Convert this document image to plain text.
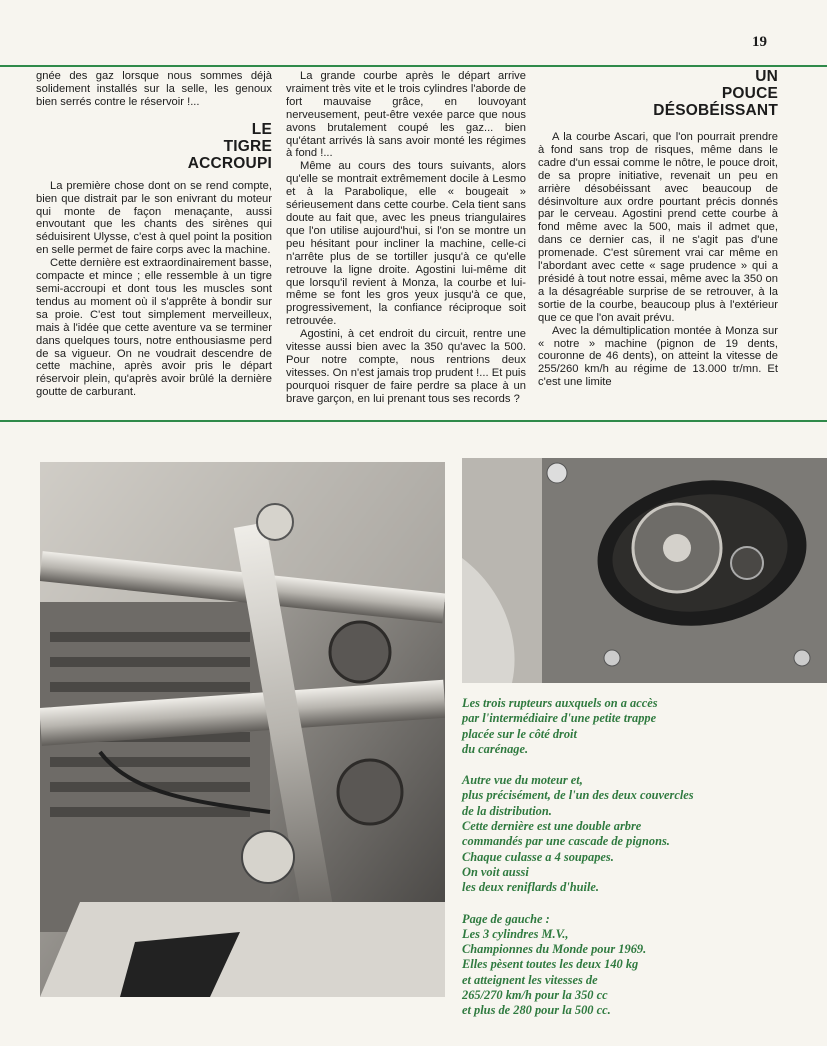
19

gnée des gaz lorsque nous sommes déjà solidement installés sur la selle, les genoux bien serrés contre le réservoir !...

LE
TIGRE
ACCROUPI

La première chose dont on se rend compte, bien que distrait par le son enivrant du moteur qui monte de façon menaçante, aussi envoutant que les chants des sirènes qui séduisirent Ulysse, c'est à quel point la position en selle permet de faire corps avec la machine.

Cette dernière est extraordinairement basse, compacte et mince ; elle ressemble à un tigre semi-accroupi et dont tous les muscles sont tendus au moment où il s'apprête à bondir sur sa proie. C'est tout simplement merveilleux, mais à l'idée que cette aventure va se terminer dans quelques tours, notre enthousiasme perd de sa vigueur. On ne voudrait descendre de cette machine, après avoir pris le départ réservoir plein, qu'après avoir brûlé la dernière goutte de carburant.

La grande courbe après le départ arrive vraiment très vite et le trois cylindres l'aborde de fort mauvaise grâce, en louvoyant nerveusement, peut-être vexée parce que nous avons brutalement coupé les gaz... bien qu'étant arrivés là sans avoir monté les régimes à fond !...

Même au cours des tours suivants, alors qu'elle se montrait extrêmement docile à Lesmo et à la Parabolique, elle « bougeait » sérieusement dans cette courbe. Cela tient sans doute au fait que, avec les pneus triangulaires que l'on utilise aujourd'hui, si l'on se montre un peu hésitant pour incliner la machine, celle-ci n'arrête plus de se tortiller jusqu'à ce qu'elle retrouve la ligne droite. Agostini lui-même dit que lorsqu'il revient à Monza, la courbe et lui-même se font les gros yeux jusqu'à ce que, progressivement, la confiance réciproque soit retrouvée.

Agostini, à cet endroit du circuit, rentre une vitesse aussi bien avec la 350 qu'avec la 500. Pour notre compte, nous rentrions deux vitesses. On n'est jamais trop prudent !... Et puis pourquoi risquer de faire perdre sa place à un brave garçon, en lui prenant tous ses records ?

UN
POUCE
DÉSOBÉISSANT

A la courbe Ascari, que l'on pourrait prendre à fond sans trop de risques, même dans le cadre d'un essai comme le nôtre, le pouce droit, de sa propre initiative, revenait un peu en arrière désobéissant avec beaucoup de désinvolture aux ordre pourtant précis donnés par le cerveau. Agostini prend cette courbe à fond même avec la 500, mais il admet que, dans ce dernier cas, il ne s'agit pas d'une promenade. C'est sûrement vrai car même en l'abordant avec cette « sage prudence » qui a présidé à tout notre essai, même avec la 350 on a la désagréable surprise de se retrouver, à la sortie de la courbe, beaucoup plus à l'extérieur que ce que l'on avait prévu.

Avec la démultiplication montée à Monza sur « notre » machine (pignon de 19 dents, couronne de 46 dents), on atteint la vitesse de 255/260 km/h au régime de 13.000 tr/mn. Et c'est une limite

Les trois rupteurs auxquels on a accès
par l'intermédiaire d'une petite trappe
placée sur le côté droit
du carénage.

Autre vue du moteur et,
plus précisément, de l'un des deux couvercles
de la distribution.
Cette dernière est une double arbre
commandés par une cascade de pignons.
Chaque culasse a 4 soupapes.
On voit aussi
les deux reniflards d'huile.

Page de gauche :
Les 3 cylindres M.V.,
Championnes du Monde pour 1969.
Elles pèsent toutes les deux 140 kg
et atteignent les vitesses de
265/270 km/h pour la 350 cc
et plus de 280 pour la 500 cc.
